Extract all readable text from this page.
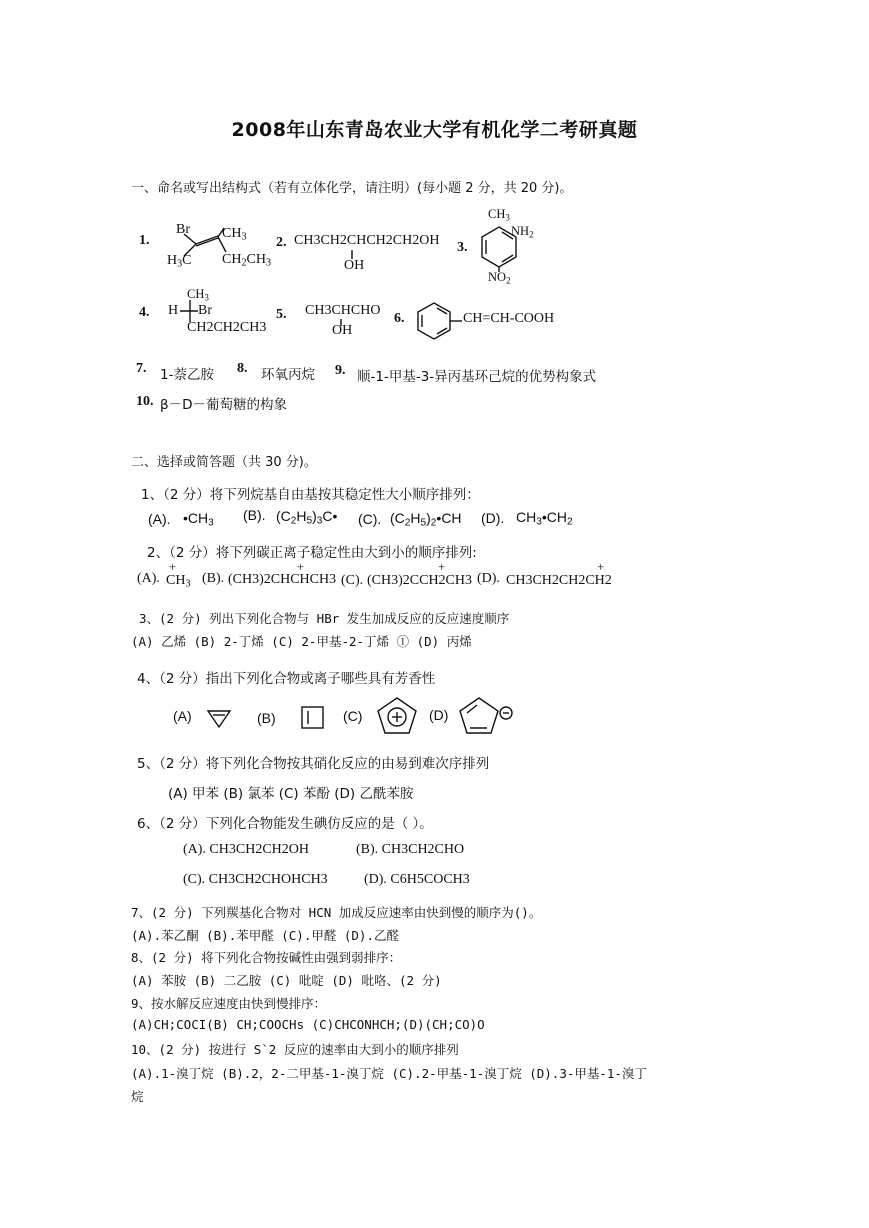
2008年山东青岛农业大学有机化学二考研真题
一、命名或写出结构式（若有立体化学，请注明）(每小题 2 分，共 20 分)。
1.
Br $CH_3$
$H_3C$ $CH_2CH_3$
2. CH3CH2CHCH2CH2OH
OH
3.
$CH_3$
$NH_2$
$NO_2$
4.
$CH_3$
H Br
CH2CH2CH3
5. CH3CHCHO
OH
6.	CH=CH-COOH
7. 1-萘乙胺 8. 环氧丙烷 9. 顺-1-甲基-3-异丙基环己烷的优势构象式
10. β－D－葡萄糖的构象
二、选择或简答题（共 30 分)。
1、（2 分）将下列烷基自由基按其稳定性大小顺序排列：
(A). $•CH_3$
(B). $(C_2H_5)_3C•$ (C). $(C_2H_5)_2•CH$ (D). $CH_3•CH_2$
2、（2 分）将下列碳正离子稳定性由大到小的顺序排列:
(A).
+
$CH_3$ (B).
+
(CH3)2CHCHCH3 (C).
+
(CH3)2CCH2CH3 (D).
+
CH3CH2CH2CH2
3、(2 分) 列出下列化合物与 HBr 发生加成反应的反应速度顺序
(A) 乙烯 (B) 2-丁烯 (C) 2-甲基-2-丁烯 ① (D) 丙烯
4、（2 分）指出下列化合物或离子哪些具有芳香性
(A)	(B)	(C)	(D)
5、（2 分）将下列化合物按其硝化反应的由易到难次序排列
(A) 甲苯 (B) 氯苯 (C) 苯酚 (D) 乙酰苯胺
6、（2 分）下列化合物能发生碘仿反应的是（ ）。
(A). CH3CH2CH2OH	(B). CH3CH2CHO
(C). CH3CH2CHOHCH3	(D). C6H5COCH3
7、(2 分) 下列羰基化合物对 HCN 加成反应速率由快到慢的顺序为()。
(A).苯乙酮 (B).苯甲醛 (C).甲醛 (D).乙醛
8、(2 分) 将下列化合物按碱性由强到弱排序：
(A) 苯胺 (B) 二乙胺 (C) 吡啶 (D) 吡咯、(2 分)
9、按水解反应速度由快到慢排序：
(A)CH;COCI(B) CH;COOCHs (C)CHCONHCH;(D)(CH;CO)O
10、(2 分) 按进行 S`2 反应的速率由大到小的顺序排列
(A).1-溴丁烷 (B).2，2-二甲基-1-溴丁烷 (C).2-甲基-1-溴丁烷 (D).3-甲基-1-溴丁
烷
